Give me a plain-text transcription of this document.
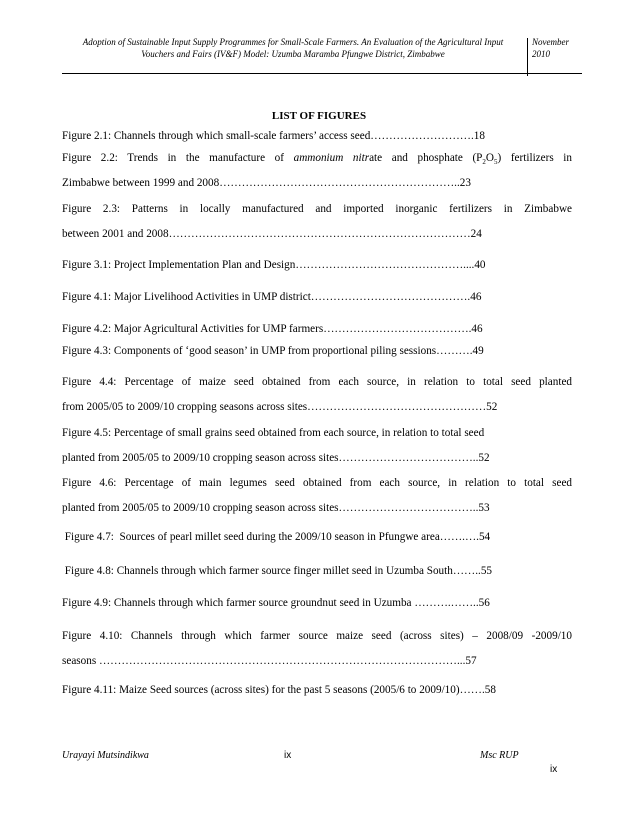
Adoption of Sustainable Input Supply Programmes for Small-Scale Farmers. An Evaluation of the Agricultural Input
Vouchers and Fairs (IV&F) Model: Uzumba Maramba Pfungwe District, Zimbabwe
November
2010
LIST OF FIGURES
Figure 2.1: Channels through which small-scale farmers’ access seed……………………….18
Figure 2.2: Trends in the manufacture of ammonium nitrate and phosphate $(P_2O_5)$ fertilizers in
Zimbabwe between 1999 and 2008………………………………………………………..23
Figure 2.3: Patterns in locally manufactured and imported inorganic fertilizers in Zimbabwe
between 2001 and 2008………………………………………………………………………24
Figure 3.1: Project Implementation Plan and Design………………………………………....40
Figure 4.1: Major Livelihood Activities in UMP district…………………………………….46
Figure 4.2: Major Agricultural Activities for UMP farmers………………………………….46
Figure 4.3: Components of ‘good season’ in UMP from proportional piling sessions……….49
Figure 4.4: Percentage of maize seed obtained from each source, in relation to total seed planted
from 2005/05 to 2009/10 cropping seasons across sites…………………………………………52
Figure 4.5: Percentage of small grains seed obtained from each source, in relation to total seed
planted from 2005/05 to 2009/10 cropping season across sites………………………………..52
Figure 4.6: Percentage of main legumes seed obtained from each source, in relation to total seed
planted from 2005/05 to 2009/10 cropping season across sites………………………………..53
Figure 4.7:  Sources of pearl millet seed during the 2009/10 season in Pfungwe area…….….54
Figure 4.8: Channels through which farmer source finger millet seed in Uzumba South……..55
Figure 4.9: Channels through which farmer source groundnut seed in Uzumba ……….……..56
Figure 4.10: Channels through which farmer source maize seed (across sites) – 2008/09 -2009/10
seasons ……………………………………………………………………………………...57
Figure 4.11: Maize Seed sources (across sites) for the past 5 seasons (2005/6 to 2009/10)…….58
Urayayi Mutsindikwa	ix	Msc RUP
ix
